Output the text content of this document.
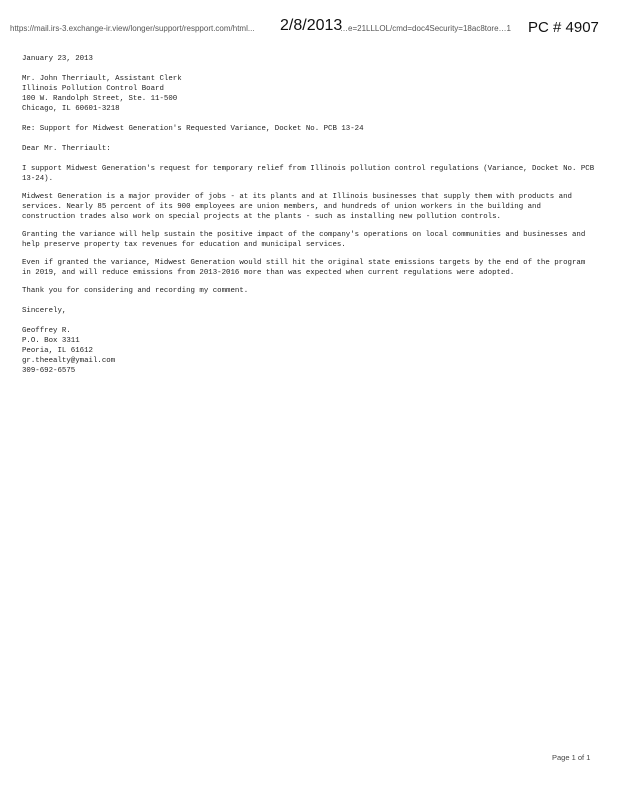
https://mail.irs-3.exchange-ir.view/longer/support/respport.com/html...	2/8/2013
…e=21LLLOL/cmd=doc4Security=18ac8tore…1	PC # 4907

January 23, 2013

Mr. John Therriault, Assistant Clerk

Illinois Pollution Control Board

100 W. Randolph Street, Ste. 11-500

Chicago, IL 60601-3218

Re: Support for Midwest Generation's Requested Variance, Docket No. PCB 13-24

Dear Mr. Therriault:

I support Midwest Generation's request for temporary relief from Illinois pollution control regulations (Variance, Docket No. PCB 13-24).

Midwest Generation is a major provider of jobs - at its plants and at Illinois businesses that supply them with products and services. Nearly 85 percent of its 900 employees are union members, and hundreds of union workers in the building and construction trades also work on special projects at the plants - such as installing new pollution controls.

Granting the variance will help sustain the positive impact of the company's operations on local communities and businesses and help preserve property tax revenues for education and municipal services.

Even if granted the variance, Midwest Generation would still hit the original state emissions targets by the end of the program in 2019, and will reduce emissions from 2013-2016 more than was expected when current regulations were adopted.

Thank you for considering and recording my comment.

Sincerely,

Geoffrey R.

P.O. Box 3311

Peoria, IL 61612

gr.theealty@ymail.com

309-692-6575

Page 1 of 1
